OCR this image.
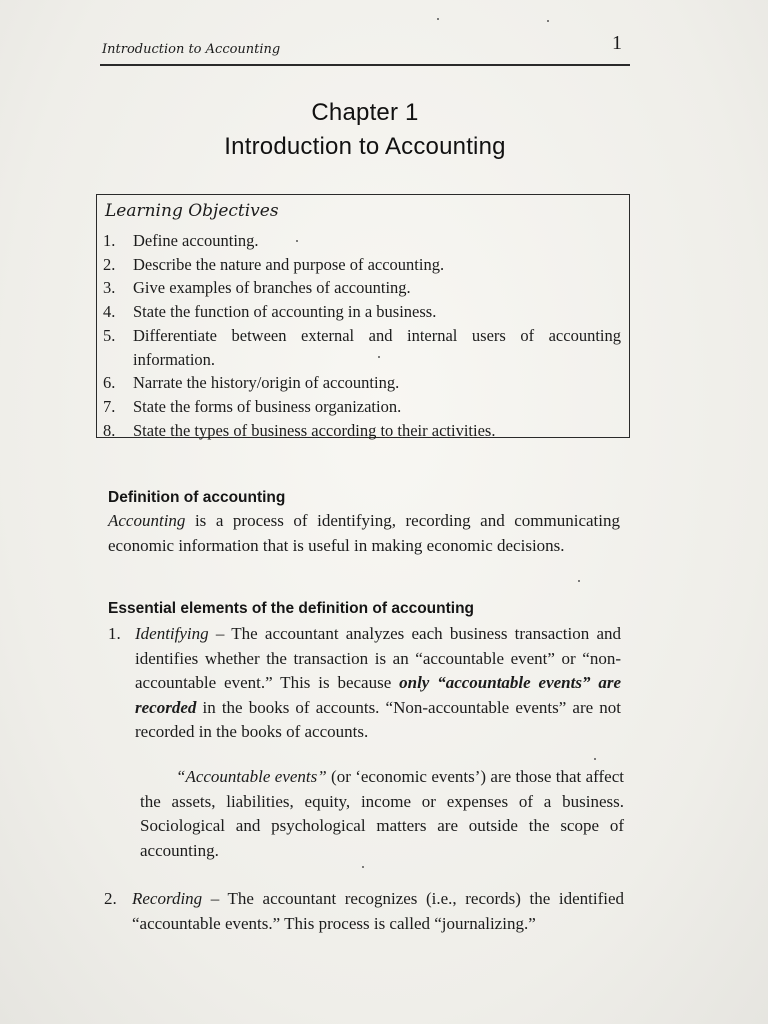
Introduction to Accounting	1
Chapter 1
Introduction to Accounting
Learning Objectives
1.	Define accounting.
2.	Describe the nature and purpose of accounting.
3.	Give examples of branches of accounting.
4.	State the function of accounting in a business.
5.	Differentiate between external and internal users of accounting information.
6.	Narrate the history/origin of accounting.
7.	State the forms of business organization.
8.	State the types of business according to their activities.
Definition of accounting
Accounting is a process of identifying, recording and communicating economic information that is useful in making economic decisions.
Essential elements of the definition of accounting
1. Identifying – The accountant analyzes each business transaction and identifies whether the transaction is an “accountable event” or “non-accountable event.” This is because only “accountable events” are recorded in the books of accounts. “Non-accountable events” are not recorded in the books of accounts.
“Accountable events” (or ‘economic events’) are those that affect the assets, liabilities, equity, income or expenses of a business. Sociological and psychological matters are outside the scope of accounting.
2. Recording – The accountant recognizes (i.e., records) the identified “accountable events.” This process is called “journalizing.”
